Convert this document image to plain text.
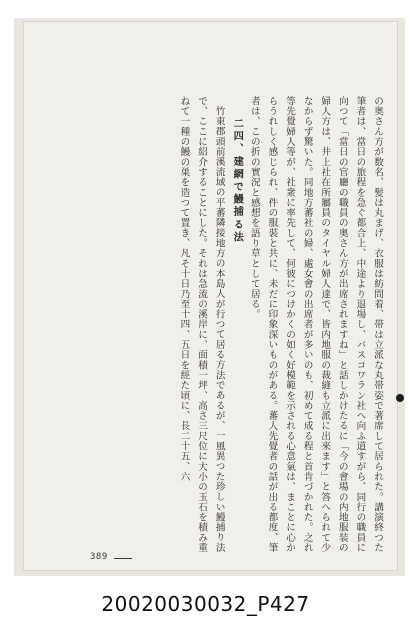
の奥さん方が数名、髪は丸まげ、衣服は紡問着、帯は立派な丸帯姿で著席して居られた。講演終つた筆者は、當日の旅程を急ぐ都合上、中途より退場し、バスコワラン社へ向ふ道すがら、同行の職員に向つて「當日の官廳の職員の奥さん方が出席されますね」と話しかけたるに「今の會場の内地服装の婦人方は、井上社在所屬員のタイヤル婦人達で、皆内地服の裁縫も立派に出來ます」と答へられて少なからず驚いた。同地方蕃社の婦、處女會の出席者が多いのも、初めて成る程と首肯づかれた。之れ等先覺婦人等が、社衆に率先して、何彼につけかくの如く好模範を示される心意氣は、まことに心からうれしく感じられ、件の服裝と共に、未だに印象深いものがある。蕃人先覺者の話が出る都度、筆者は、この折の實況と感想を語り草として居る。

二四、建網で鰻捕る法

竹東郡頭前溪流域の平蕃隣接地方の本島人が行つて居る方法であるが、一風異つた珍しい鰻捕り法で、ここに紹介することにした。それは急流の溪岸に、面積一坪、高さ三尺位に大小の玉石を積み重ねて一種の鰻の巣を造つて置き、凡そ十日乃至十四、五日を經た頃に、長二十五、六

389
20020030032_P427
